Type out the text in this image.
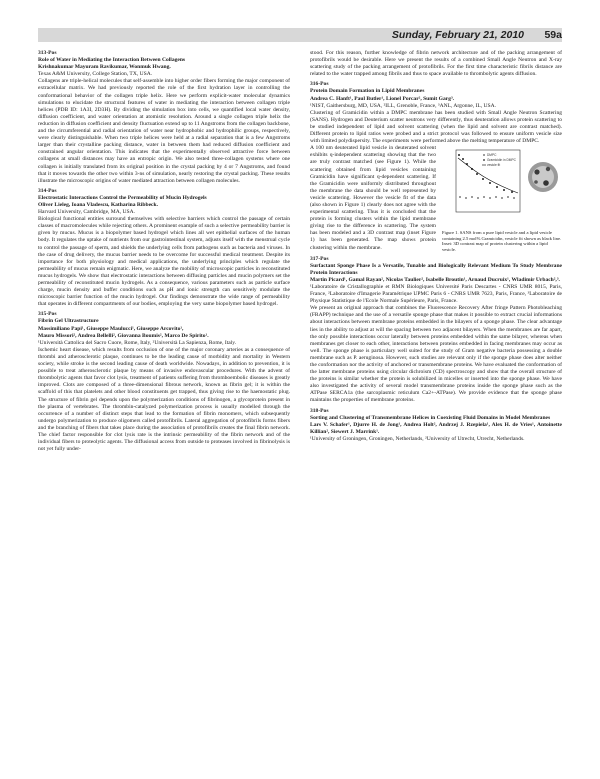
Sunday, February 21, 2010 59a
313-Pos
Role of Water in Mediating the Interaction Between Collagens
Krishnakumar Mayuram Ravikumar, Wonmuk Hwang.
Texas A&M University, College Station, TX, USA.
Collagens are triple-helical molecules that self-assemble into higher order fibers forming the major component of extracellular matrix. We had previously reported the role of the first hydration layer in controlling the conformational behavior of the collagen triple helix. Here we perform explicit-water molecular dynamics simulations to elucidate the structural features of water in mediating the interaction between collagen triple helices (PDB ID: 1A3I, 2D3H). By dividing the simulation box into cells, we quantified local water density, diffusion coefficient, and water orientation at atomistic resolution. Around a single collagen triple helix the reduction in diffusion coefficient and density fluctuation extend up to 11 Angstroms from the collagen backbone, and the circumferential and radial orientation of water near hydrophobic and hydrophilic groups, respectively, were clearly distinguishable. When two triple helices were held at a radial separation that is a few Angstroms larger than their crystalline packing distance, water in between them had reduced diffusion coefficient and constrained angular orientation. This indicates that the experimentally observed attractive force between collagens at small distances may have an entropic origin. We also tested three-collagen systems where one collagen is initially translated from its original position in the crystal packing by 4 or 7 Angstroms, and found that it moves towards the other two within 3-ns of simulation, nearly restoring the crystal packing. These results illustrate the microscopic origins of water mediated attraction between collagen molecules.
314-Pos
Electrostatic Interactions Control the Permeability of Mucin Hydrogels
Oliver Lieleg, Ioana Vladescu, Katharina Ribbeck.
Harvard University, Cambridge, MA, USA.
Biological functional entities surround themselves with selective barriers which control the passage of certain classes of macromolecules while rejecting others. A prominent example of such a selective permeability barrier is given by mucus. Mucus is a biopolymer based hydrogel which lines all wet epithelial surfaces of the human body. It regulates the uptake of nutrients from our gastrointestinal system, adjusts itself with the menstrual cycle to control the passage of sperm, and shields the underlying cells from pathogens such as bacteria and viruses. In the case of drug delivery, the mucus barrier needs to be overcome for successful medical treatment. Despite its importance for both physiology and medical applications, the underlying principles which regulate the permeability of mucus remain enigmatic. Here, we analyze the mobility of microscopic particles in reconstituted mucus hydrogels. We show that electrostatic interactions between diffusing particles and mucin polymers set the permeability of reconstituted mucin hydrogels. As a consequence, various parameters such as particle surface charge, mucin density and buffer conditions such as pH and ionic strength can sensitively modulate the microscopic barrier function of the mucin hydrogel. Our findings demonstrate the wide range of permeability that operates in different compartments of our bodies, employing the very same biopolymer based hydrogel.
315-Pos
Fibrin Gel Ultrastructure
Massimiliano Papi¹, Giuseppe Maulucci¹, Giuseppe Arcovito¹,
Mauro Missori², Andrea Bellelli², Giovanna Boumis², Marco De Spirito¹.
¹Università Cattolica del Sacro Cuore, Rome, Italy, ²Università La Sapienza, Rome, Italy.
Ischemic heart disease, which results from occlusion of one of the major coronary arteries as a consequence of thrombi and atherosclerotic plaque, continues to be the leading cause of morbidity and mortality in Western society, while stroke is the second leading cause of death worldwide. Nowadays, in addition to prevention, it is possible to treat atherosclerotic plaque by means of invasive endovascular procedures. With the advent of thrombolytic agents that favor clot lysis, treatment of patients suffering from thromboembolic diseases is greatly improved. Clots are composed of a three-dimensional fibrous network, known as fibrin gel; it is within the scaffold of this that platelets and other blood constituents get trapped, thus giving rise to the haemostatic plug. The structure of fibrin gel depends upon the polymerization conditions of fibrinogen, a glycoprotein present in the plasma of vertebrates. The thrombin-catalyzed polymerization process is usually modelled through the occurrence of a number of distinct steps that lead to the formation of fibrin monomers, which subsequently undergo polymerization to produce oligomers called protofibrils. Lateral aggregation of protofibrils forms fibers and the branching of fibers that takes place during the association of protofibrils creates the final fibrin network. The chief factor responsible for clot lysis rate is the intrinsic permeability of the fibrin network and of the individual fibers to proteolytic agents. The diffusional access from outside to proteases involved in fibrinolysis is not yet fully under-
stood. For this reason, further knowledge of fibrin network architecture and of the packing arrangement of protofibrils would be desirable. Here we present the results of a combined Small Angle Neutron and X-ray scattering study of the packing arrangement of protofibrils. For the first time characteristic fibrils distance are related to the water trapped among fibrils and thus to space available to thrombolytic agents diffusion.
316-Pos
Protein Domain Formation in Lipid Membranes
Andrea C. Hanft¹, Paul Butler¹, Lionel Porcar², Sumit Garg³.
¹NIST, Gaithersburg, MD, USA, ²ILL, Grenoble, France, ³ANL, Argonne, IL, USA.
Clustering of Gramicidin within a DMPC membrane has been studied with Small Angle Neutron Scattering (SANS). Hydrogen and Deuterium scatter neutrons very differently, thus deuteration allows protein scattering to be studied independent of lipid and solvent scattering (when the lipid and solvent are contrast matched). Different protein to lipid ratios were probed and a strict protocol was followed to ensure uniform vesicle size with limited polydispersity. The experiments were performed above the melting temperature of DMPC.
DMPC
Gramicidin in DMPC
vesicle fit
Figure 1. SANS from a pure lipid vesicle and a lipid vesicle containing 2.5 mol% Gramicidin, vesicle fit shown as black line. Inset: 3D contrast map of protein clustering within a lipid vesicle.
A 100 nm deuterated lipid vesicle in deuterated solvent exhibits q-independent scattering showing that the two are truly contrast matched (see Figure 1). While the scattering obtained from lipid vesicles containing Gramicidin have significant q-dependent scattering. If the Gramicidin were uniformly distributed throughout the membrane the data should be well represented by vesicle scattering. However the vesicle fit of the data (also shown in Figure 1) clearly does not agree with the experimental scattering. Thus it is concluded that the protein is forming clusters within the lipid membrane giving rise to the difference in scattering. The system has been modeled and a 3D contrast map (inset Figure 1) has been generated. The map shows protein clustering within the membrane.
317-Pos
Surfactant Sponge Phase Is a Versatile, Tunable and Biologically Relevant Medium To Study Membrane Protein Interactions
Martin Picard¹, Gamal Rayan², Nicolas Taulier², Isabelle Broutin¹, Arnaud Ducruix¹, Wladimir Urbach²,³.
¹Laboratoire de Cristallographie et RMN Biologiques Université Paris Descartes - CNRS UMR 8015, Paris, France, ²Laboratoire d'Imagerie Paramétrique UPMC Paris 6 - CNRS UMR 7623, Paris, France, ³Laboratoire de Physique Statistique de l'Ecole Normale Supérieure, Paris, France.
We present an original approach that combines the Fluorescence Recovery After fringe Pattern Photobleaching (FRAPP) technique and the use of a versatile sponge phase that makes it possible to extract crucial informations about interactions between membrane proteins embedded in the bilayers of a sponge phase. The clear advantage lies in the ability to adjust at will the spacing between two adjacent bilayers. When the membranes are far apart, the only possible interactions occur laterally between proteins embedded within the same bilayer, whereas when membranes get closer to each other, interactions between proteins embedded in facing membranes may occur as well. The sponge phase is particulary well suited for the study of Gram negative bacteria possessing a double membrane such as P. aeruginosa. However, such studies are relevant only if the sponge phase does alter neither the conformation nor the activity of anchored or transmembrane proteins. We have evaluated the conformation of the latter membrane proteins using circular dichroism (CD) spectroscopy and show that the overall structure of the proteins is similar whether the protein is solubilized in micelles or inserted into the sponge phase. We have also investigated the activity of several model transmembrane proteins inside the sponge phase such as the ATPase SERCA1a (the sarcoplasmic reticulum Ca2+-ATPase). We provide evidence that the sponge phase maintains the properties of membrane proteins.
318-Pos
Sorting and Clustering of Transmembrane Helices in Coexisting Fluid Domains in Model Membranes
Lars V. Schafer¹, Djurre H. de Jong¹, Andrea Holt², Andrzej J. Rzepiela¹, Alex H. de Vries¹, Antoinette Killian², Siewert J. Marrink¹.
¹University of Groningen, Groningen, Netherlands, ²University of Utrecht, Utrecht, Netherlands.
